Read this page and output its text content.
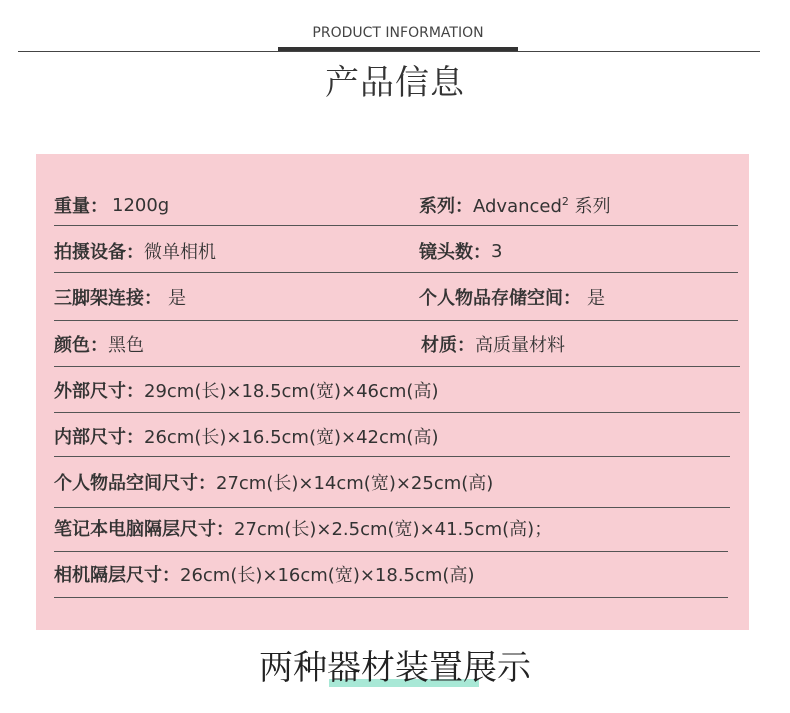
PRODUCT INFORMATION
产品信息
重量： 1200g	系列： Advanced$^2$ 系列
拍摄设备： 微单相机	镜头数： 3
三脚架连接： 是	个人物品存储空间： 是
颜色： 黑色	材质： 高质量材料
外部尺寸： 29cm(长)×18.5cm(宽)×46cm(高)
内部尺寸： 26cm(长)×16.5cm(宽)×42cm(高)
个人物品空间尺寸： 27cm(长)×14cm(宽)×25cm(高)
笔记本电脑隔层尺寸： 27cm(长)×2.5cm(宽)×41.5cm(高)；
相机隔层尺寸： 26cm(长)×16cm(宽)×18.5cm(高)
两种器材装置展示
